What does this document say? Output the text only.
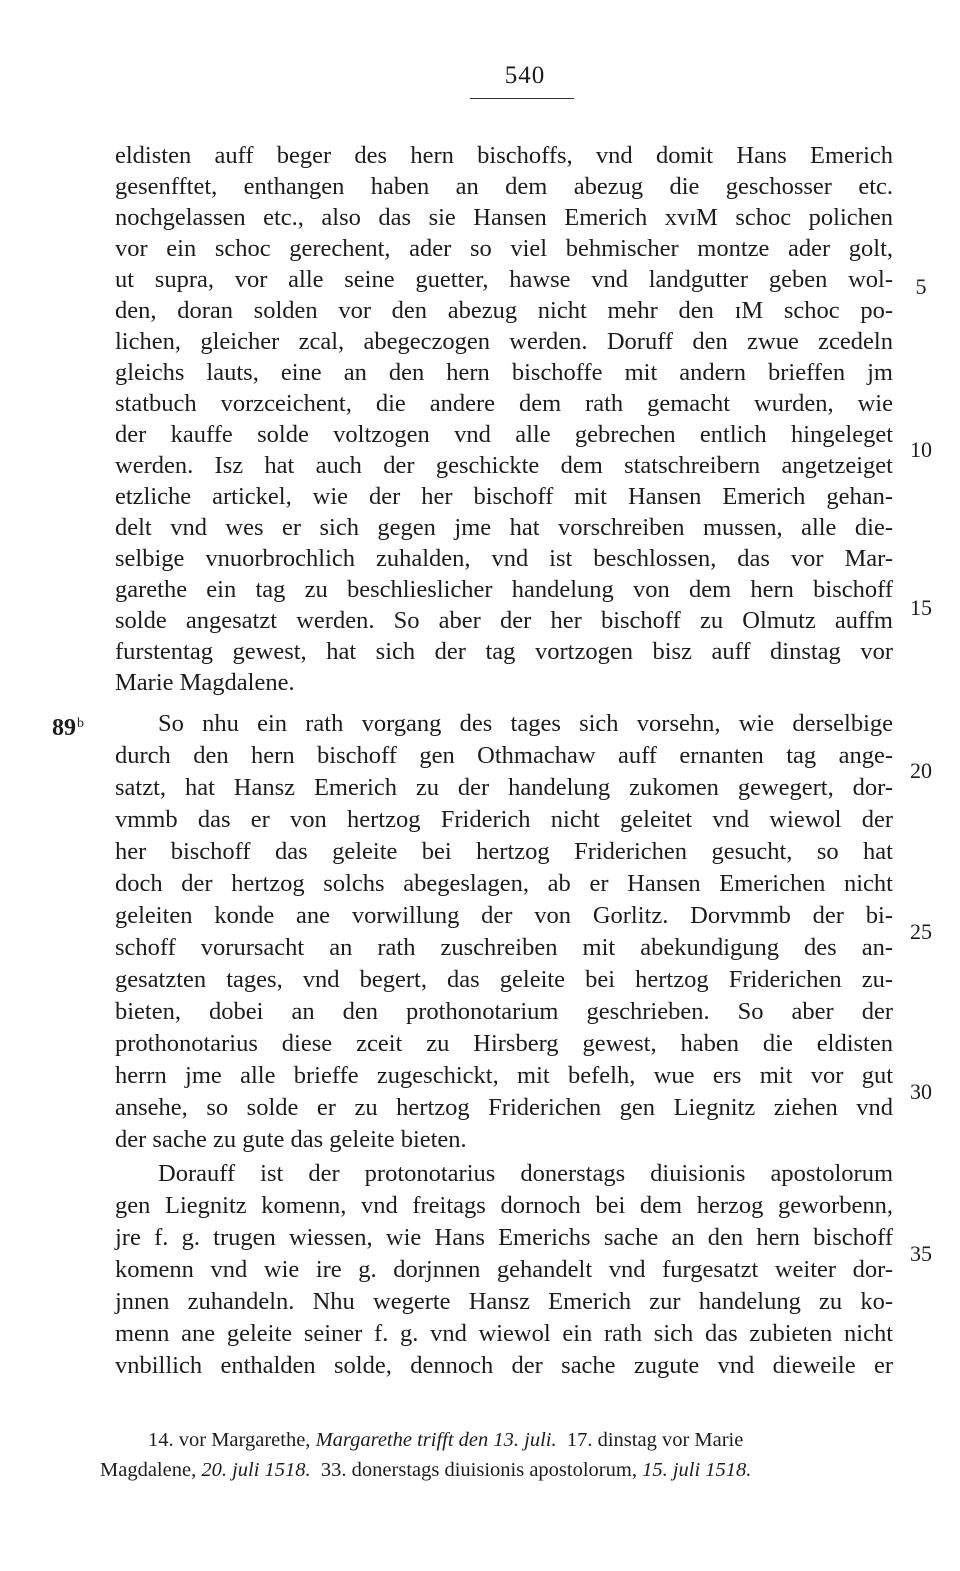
540
eldisten auff beger des hern bischoffs, vnd domit Hans Emerich
gesenfftet, enthangen haben an dem abezug die geschosser etc.
nochgelassen etc., also das sie Hansen Emerich xvɪM schoc polichen
vor ein schoc gerechent, ader so viel behmischer montze ader golt,
ut supra, vor alle seine guetter, hawse vnd landgutter geben wol-
den, doran solden vor den abezug nicht mehr den ɪM schoc po-
lichen, gleicher zcal, abegeczogen werden. Doruff den zwue zcedeln
gleichs lauts, eine an den hern bischoffe mit andern brieffen jm
statbuch vorzceichent, die andere dem rath gemacht wurden, wie
der kauffe solde voltzogen vnd alle gebrechen entlich hingeleget
werden. Isz hat auch der geschickte dem statschreibern angetzeiget
etzliche artickel, wie der her bischoff mit Hansen Emerich gehan-
delt vnd wes er sich gegen jme hat vorschreiben mussen, alle die-
selbige vnuorbrochlich zuhalden, vnd ist beschlossen, das vor Mar-
garethe ein tag zu beschlieslicher handelung von dem hern bischoff
solde angesatzt werden. So aber der her bischoff zu Olmutz auffm
furstentag gewest, hat sich der tag vortzogen bisz auff dinstag vor
Marie Magdalene.
89$^b$	So nhu ein rath vorgang des tages sich vorsehn, wie derselbige
durch den hern bischoff gen Othmachaw auff ernanten tag ange-
satzt, hat Hansz Emerich zu der handelung zukomen gewegert, dor-
vmmb das er von hertzog Friderich nicht geleitet vnd wiewol der
her bischoff das geleite bei hertzog Friderichen gesucht, so hat
doch der hertzog solchs abegeslagen, ab er Hansen Emerichen nicht
geleiten konde ane vorwillung der von Gorlitz. Dorvmmb der bi-
schoff vorursacht an rath zuschreiben mit abekundigung des an-
gesatzten tages, vnd begert, das geleite bei hertzog Friderichen zu-
bieten, dobei an den prothonotarium geschrieben. So aber der
prothonotarius diese zceit zu Hirsberg gewest, haben die eldisten
herrn jme alle brieffe zugeschickt, mit befelh, wue ers mit vor gut
ansehe, so solde er zu hertzog Friderichen gen Liegnitz ziehen vnd
der sache zu gute das geleite bieten.
Dorauff ist der protonotarius donerstags diuisionis apostolorum
gen Liegnitz komenn, vnd freitags dornoch bei dem herzog geworbenn,
jre f. g. trugen wiessen, wie Hans Emerichs sache an den hern bischoff
komenn vnd wie ire g. dorjnnen gehandelt vnd furgesatzt weiter dor-
jnnen zuhandeln. Nhu wegerte Hansz Emerich zur handelung zu ko-
menn ane geleite seiner f. g. vnd wiewol ein rath sich das zubieten nicht
vnbillich enthalden solde, dennoch der sache zugute vnd dieweile er
5
10
15
20
25
30
35
14. vor Margarethe, Margarethe trifft den 13. juli.  17. dinstag vor Marie
Magdalene, 20. juli 1518.  33. donerstags diuisionis apostolorum, 15. juli 1518.
